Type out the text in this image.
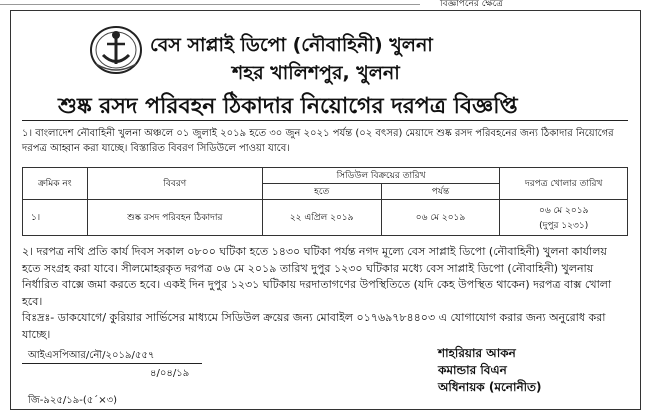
বিজ্ঞাপনের ক্ষেত্রে
বেস সাপ্লাই ডিপো (নৌবাহিনী) খুলনা
শহর খালিশপুর, খুলনা
শুষ্ক রসদ পরিবহন ঠিকাদার নিয়োগের দরপত্র বিজ্ঞপ্তি
১। বাংলাদেশ নৌবাহিনী খুলনা অঞ্চলে ০১ জুলাই ২০১৯ হতে ৩০ জুন ২০২১ পর্যন্ত (০২ বৎসর) মেয়াদে শুষ্ক রসদ পরিবহনের জন্য ঠিকাদার নিয়োগের দরপত্র আহ্বান করা যাচ্ছে। বিস্তারিত বিবরণ সিডিউলে পাওয়া যাবে।
ক্রমিক নং	বিবরণ	সিডিউল বিক্রয়ের তারিখ		দরপত্র খোলার তারিখ
		হতে	পর্যন্ত	
১।	শুষ্ক রসদ পরিবহন ঠিকাদার	২২ এপ্রিল ২০১৯	০৬ মে ২০১৯	০৬ মে ২০১৯
(দুপুর ১২৩১)
২। দরপত্র নথি প্রতি কার্য দিবস সকাল ০৮০০ ঘটিকা হতে ১৪৩০ ঘটিকা পর্যন্ত নগদ মূল্যে বেস সাপ্লাই ডিপো (নৌবাহিনী) খুলনা কার্যালয় হতে সংগ্রহ করা যাবে। সীলমোহরকৃত দরপত্র ০৬ মে ২০১৯ তারিখ দুপুর ১২৩০ ঘটিকার মধ্যে বেস সাপ্লাই ডিপো (নৌবাহিনী) খুলনায় নির্ধারিত বাক্সে জমা করতে হবে। একই দিন দুপুর ১২৩১ ঘটিকায় দরদাতাগণের উপস্থিতিতে (যদি কেহ উপস্থিত থাকেন) দরপত্র বাক্স খোলা হবে।
বিঃদ্রঃ- ডাকযোগে/ কুরিয়ার সার্ভিসের মাধ্যমে সিডিউল ক্রয়ের জন্য মোবাইল ০১৭৬৯৭৮৪৪০৩ এ যোগাযোগ করার জন্য অনুরোধ করা যাচ্ছে।
আইএসপিআর/নৌ/২০১৯/৫৫৭
৪/০৪/১৯
শাহরিয়ার আকন
কমান্ডার বিএন
অধিনায়ক (মনোনীত)
জি-৯২৫/১৯-(৫´×৩)
